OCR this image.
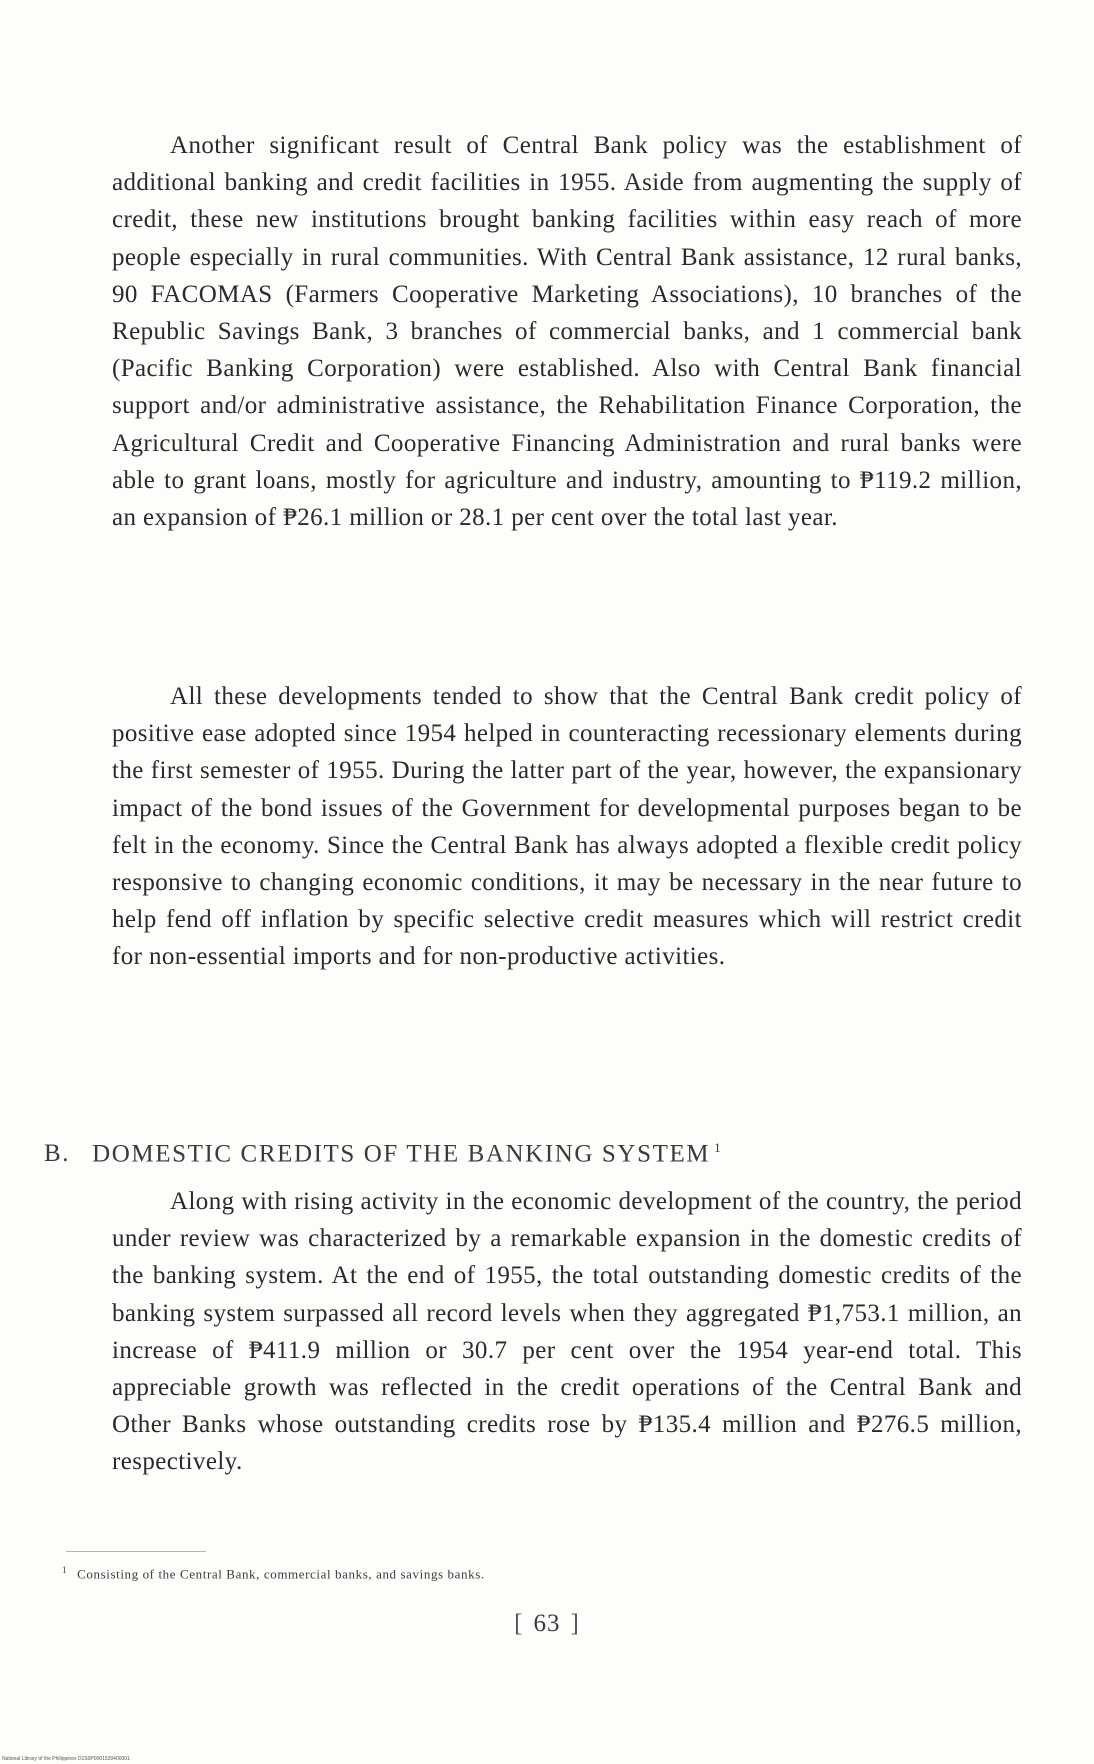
Another significant result of Central Bank policy was the establishment of additional banking and credit facilities in 1955. Aside from augmenting the supply of credit, these new institutions brought banking facilities within easy reach of more people especially in rural communities. With Central Bank assistance, 12 rural banks, 90 FACOMAS (Farmers Cooperative Marketing Associations), 10 branches of the Republic Savings Bank, 3 branches of commercial banks, and 1 commercial bank (Pacific Banking Corporation) were established. Also with Central Bank financial support and/or administrative assistance, the Rehabilitation Finance Corporation, the Agricultural Credit and Cooperative Financing Administration and rural banks were able to grant loans, mostly for agriculture and industry, amounting to ₱119.2 million, an expansion of ₱26.1 million or 28.1 per cent over the total last year.

All these developments tended to show that the Central Bank credit policy of positive ease adopted since 1954 helped in counteracting recessionary elements during the first semester of 1955. During the latter part of the year, however, the expansionary impact of the bond issues of the Government for developmental purposes began to be felt in the economy. Since the Central Bank has always adopted a flexible credit policy responsive to changing economic conditions, it may be necessary in the near future to help fend off inflation by specific selective credit measures which will restrict credit for non-essential imports and for non-productive activities.

B. DOMESTIC CREDITS OF THE BANKING SYSTEM $^1$

Along with rising activity in the economic development of the country, the period under review was characterized by a remarkable expansion in the domestic credits of the banking system. At the end of 1955, the total outstanding domestic credits of the banking system surpassed all record levels when they aggregated ₱1,753.1 million, an increase of ₱411.9 million or 30.7 per cent over the 1954 year-end total. This appreciable growth was reflected in the credit operations of the Central Bank and Other Banks whose outstanding credits rose by ₱135.4 million and ₱276.5 million, respectively.

$^1$ Consisting of the Central Bank, commercial banks, and savings banks.
[ 63 ]
National Library of the Philippines D1S0P0001539400001
